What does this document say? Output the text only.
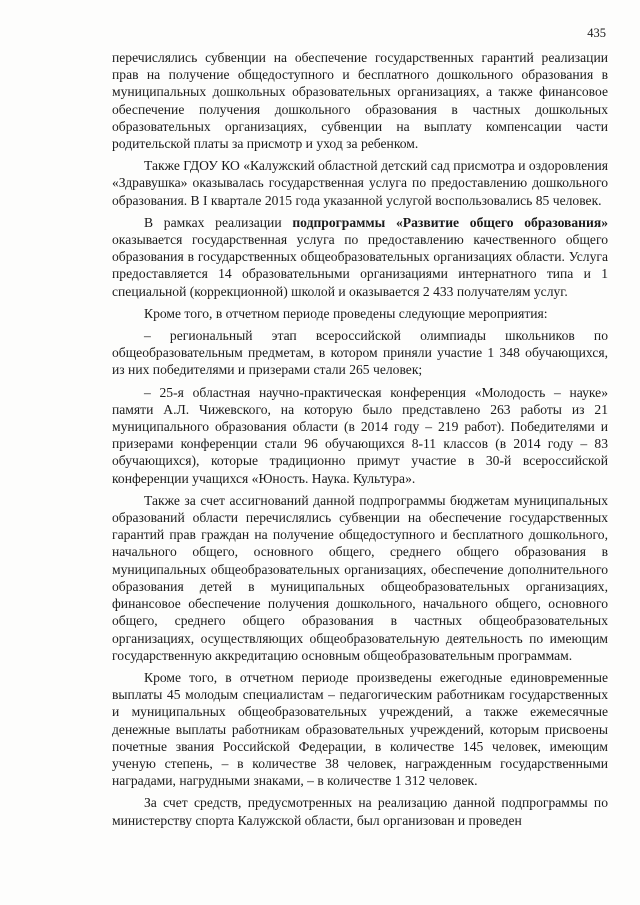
435

перечислялись субвенции на обеспечение государственных гарантий реализации прав на получение общедоступного и бесплатного дошкольного образования в муниципальных дошкольных образовательных организациях, а также финансовое обеспечение получения дошкольного образования в частных дошкольных образовательных организациях, субвенции на выплату компенсации части родительской платы за присмотр и уход за ребенком.

Также ГДОУ КО «Калужский областной детский сад присмотра и оздоровления «Здравушка» оказывалась государственная услуга по предоставлению дошкольного образования. В I квартале 2015 года указанной услугой воспользовались 85 человек.

В рамках реализации подпрограммы «Развитие общего образования» оказывается государственная услуга по предоставлению качественного общего образования в государственных общеобразовательных организациях области. Услуга предоставляется 14 образовательными организациями интернатного типа и 1 специальной (коррекционной) школой и оказывается 2 433 получателям услуг.

Кроме того, в отчетном периоде проведены следующие мероприятия:

– региональный этап всероссийской олимпиады школьников по общеобразовательным предметам, в котором приняли участие 1 348 обучающихся, из них победителями и призерами стали 265 человек;

– 25-я областная научно-практическая конференция «Молодость – науке» памяти А.Л. Чижевского, на которую было представлено 263 работы из 21 муниципального образования области (в 2014 году – 219 работ). Победителями и призерами конференции стали 96 обучающихся 8-11 классов (в 2014 году – 83 обучающихся), которые традиционно примут участие в 30-й всероссийской конференции учащихся «Юность. Наука. Культура».

Также за счет ассигнований данной подпрограммы бюджетам муниципальных образований области перечислялись субвенции на обеспечение государственных гарантий прав граждан на получение общедоступного и бесплатного дошкольного, начального общего, основного общего, среднего общего образования в муниципальных общеобразовательных организациях, обеспечение дополнительного образования детей в муниципальных общеобразовательных организациях, финансовое обеспечение получения дошкольного, начального общего, основного общего, среднего общего образования в частных общеобразовательных организациях, осуществляющих общеобразовательную деятельность по имеющим государственную аккредитацию основным общеобразовательным программам.

Кроме того, в отчетном периоде произведены ежегодные единовременные выплаты 45 молодым специалистам – педагогическим работникам государственных и муниципальных общеобразовательных учреждений, а также ежемесячные денежные выплаты работникам образовательных учреждений, которым присвоены почетные звания Российской Федерации, в количестве 145 человек, имеющим ученую степень, – в количестве 38 человек, награжденным государственными наградами, нагрудными знаками, – в количестве 1 312 человек.

За счет средств, предусмотренных на реализацию данной подпрограммы по министерству спорта Калужской области, был организован и проведен
